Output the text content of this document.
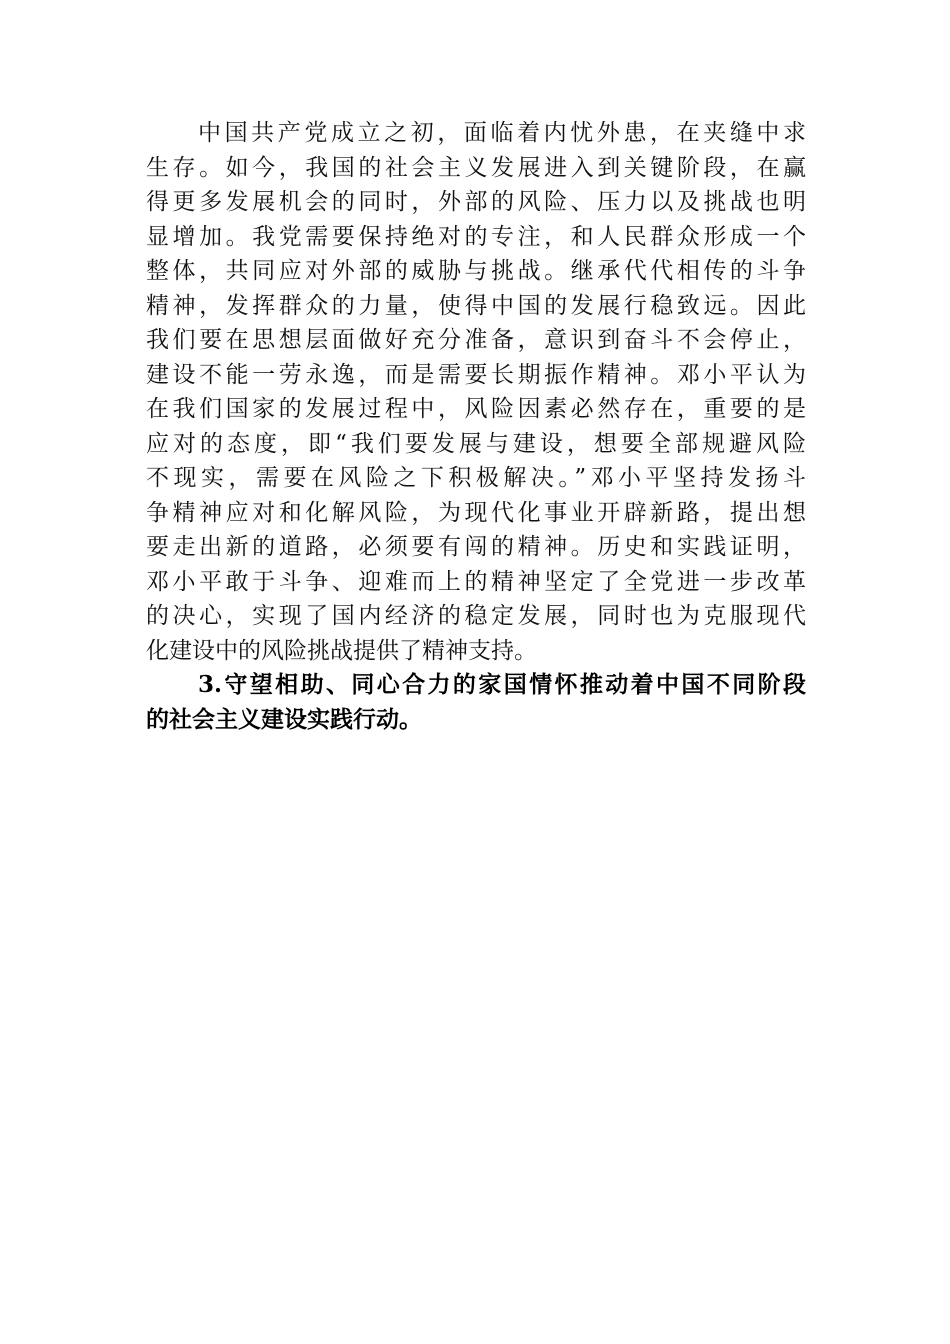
中国共产党成立之初，面临着内忧外患，在夹缝中求
生存。如今，我国的社会主义发展进入到关键阶段，在赢
得更多发展机会的同时，外部的风险、压力以及挑战也明
显增加。我党需要保持绝对的专注，和人民群众形成一个
整体，共同应对外部的威胁与挑战。继承代代相传的斗争
精神，发挥群众的力量，使得中国的发展行稳致远。因此
我们要在思想层面做好充分准备，意识到奋斗不会停止，
建设不能一劳永逸，而是需要长期振作精神。邓小平认为
在我们国家的发展过程中，风险因素必然存在，重要的是
应对的态度，即“我们要发展与建设，想要全部规避风险
不现实，需要在风险之下积极解决。”邓小平坚持发扬斗
争精神应对和化解风险，为现代化事业开辟新路，提出想
要走出新的道路，必须要有闯的精神。历史和实践证明，
邓小平敢于斗争、迎难而上的精神坚定了全党进一步改革
的决心，实现了国内经济的稳定发展，同时也为克服现代
化建设中的风险挑战提供了精神支持。
3.守望相助、同心合力的家国情怀推动着中国不同阶段
的社会主义建设实践行动。
